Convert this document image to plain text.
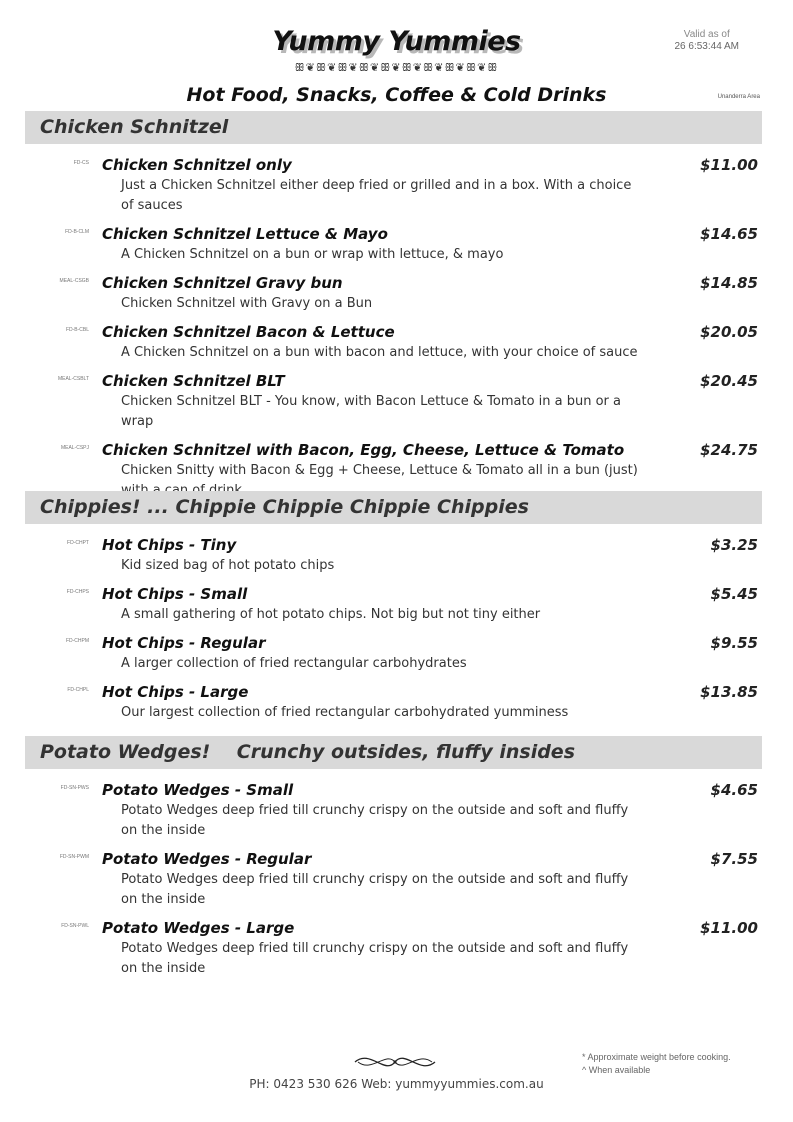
Yummy Yummies
ꕥ❦ꕥ❦ꕥ❦ꕥ❦ꕥ❦ꕥ❦ꕥ❦ꕥ❦ꕥ❦ꕥ
Valid as of
26 6:53:44 AM
Hot Food, Snacks, Coffee & Cold Drinks	Unanderra Area
Chicken Schnitzel
FD-CS Chicken Schnitzel only	$11.00
Just a Chicken Schnitzel either deep fried or grilled and in a box. With a choice of sauces
FD-B-CLM Chicken Schnitzel Lettuce & Mayo	$14.65
A Chicken Schnitzel on a bun or wrap with lettuce, & mayo
MEAL-CSGB Chicken Schnitzel Gravy bun	$14.85
Chicken Schnitzel with Gravy on a Bun
FD-B-CBL Chicken Schnitzel Bacon & Lettuce	$20.05
A Chicken Schnitzel on a bun with bacon and lettuce, with your choice of sauce
MEAL-CSBLT Chicken Schnitzel BLT	$20.45
Chicken Schnitzel BLT - You know, with Bacon Lettuce & Tomato in a bun or a wrap
MEAL-CSPJ Chicken Schnitzel with Bacon, Egg, Cheese, Lettuce & Tomato	$24.75
Chicken Snitty with Bacon & Egg + Cheese, Lettuce & Tomato all in a bun (just)
Chippies! ... Chippie Chippie Chippie Chippies
FD-CHPT Hot Chips - Tiny	$3.25
Kid sized bag of hot potato chips
FD-CHPS Hot Chips - Small	$5.45
A small gathering of hot potato chips. Not big but not tiny either
FD-CHPM Hot Chips - Regular	$9.55
A larger collection of fried rectangular carbohydrates
FD-CHPL Hot Chips - Large	$13.85
Our largest collection of fried rectangular carbohydrated yumminess
Potato Wedges!    Crunchy outsides, fluffy insides
FD-SN-PWS Potato Wedges - Small	$4.65
Potato Wedges deep fried till crunchy crispy on the outside and soft and fluffy on the inside
FD-SN-PWM Potato Wedges - Regular	$7.55
Potato Wedges deep fried till crunchy crispy on the outside and soft and fluffy on the inside
FD-SN-PWL Potato Wedges - Large	$11.00
Potato Wedges deep fried till crunchy crispy on the outside and soft and fluffy on the inside
PH: 0423 530 626 Web: yummyyummies.com.au
* Approximate weight before cooking.
^ When available
